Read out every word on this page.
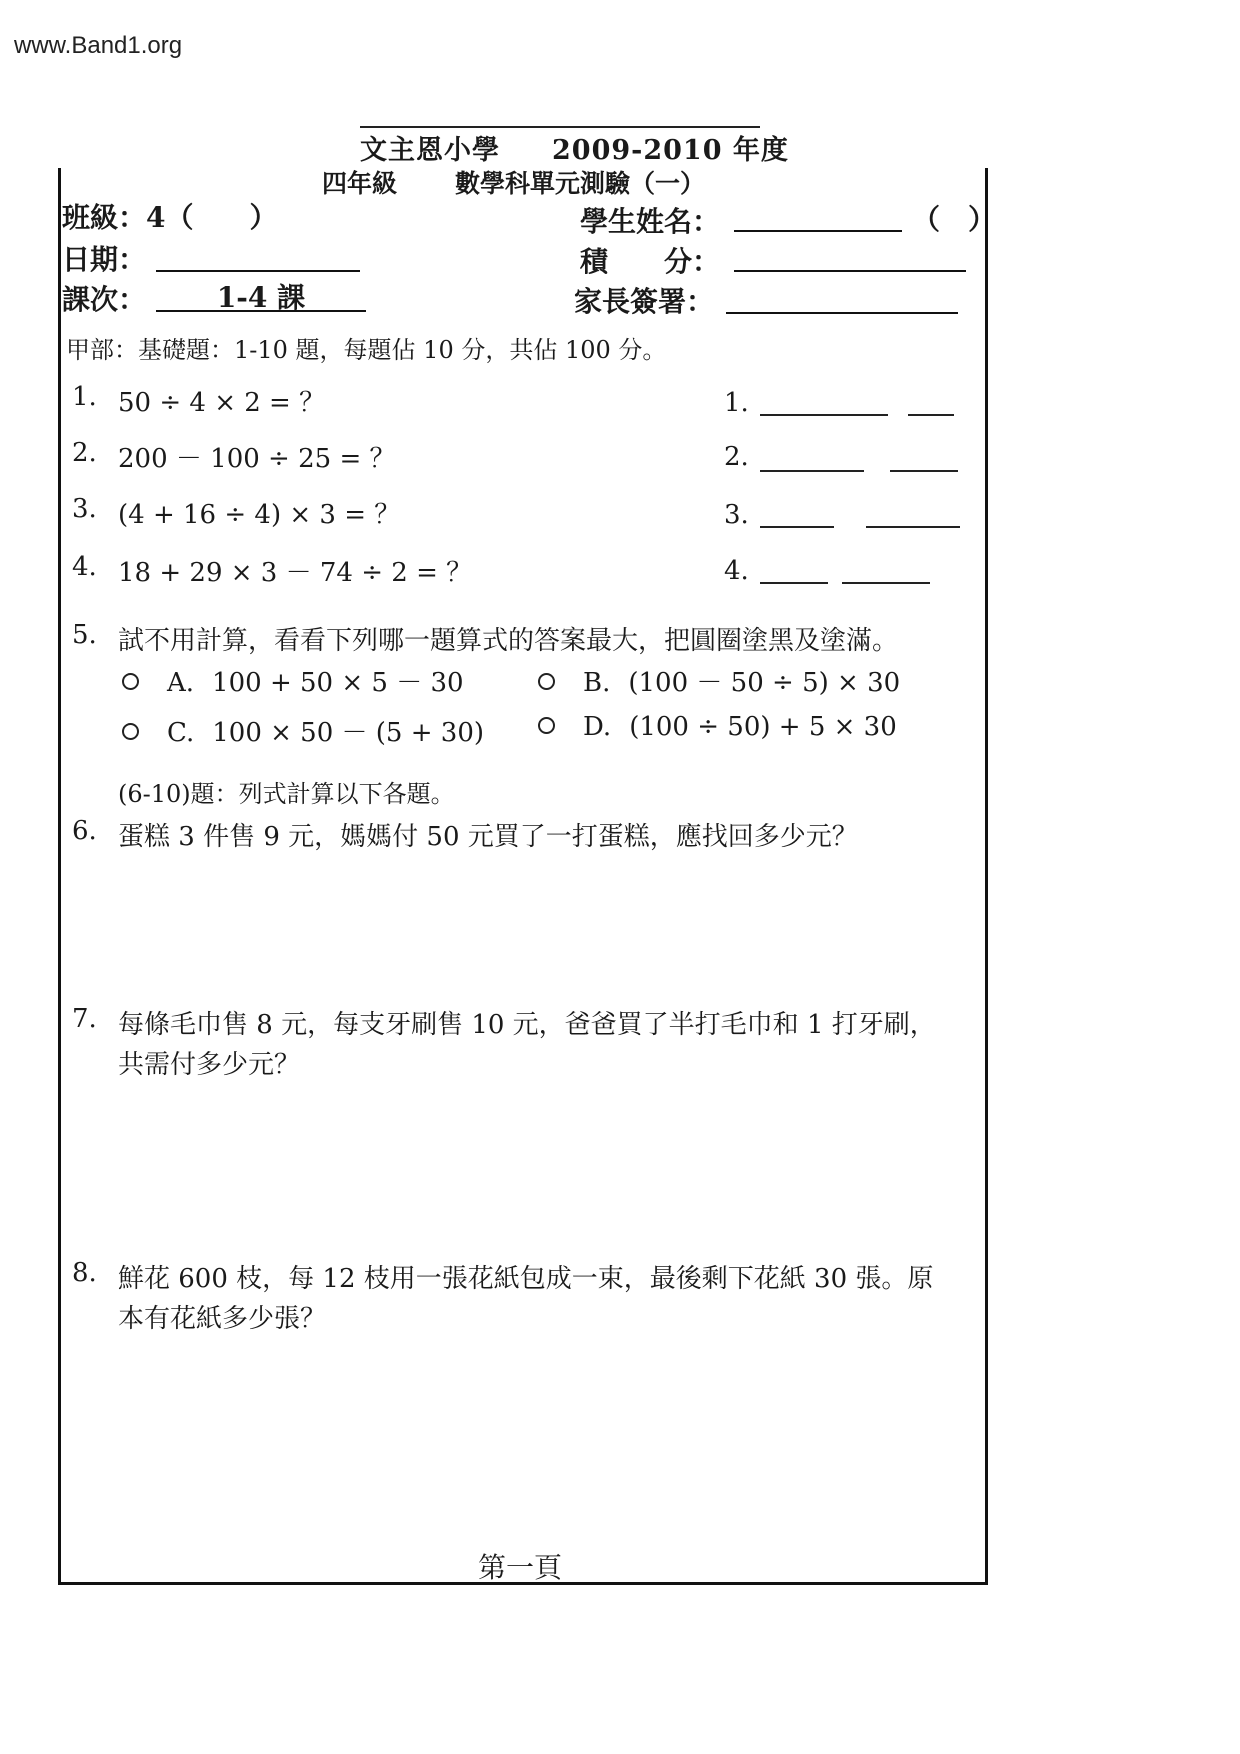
www.Band1.org
文主恩小學 2009-2010 年度
四年級 數學科單元測驗（一）
班級：4（　　）
日期：
課次：	1-4 課
學生姓名：	（　）
積　　分：
家長簽署：
甲部：基礎題：1-10 題，每題佔 10 分，共佔 100 分。
1. 50 ÷ 4 × 2 = ？	1.
2. 200 － 100 ÷ 25 = ？	2.
3. (4 + 16 ÷ 4) × 3 = ？	3.
4. 18 + 29 × 3 － 74 ÷ 2 = ？	4.
5. 試不用計算，看看下列哪一題算式的答案最大，把圓圈塗黑及塗滿。
A. 100 + 50 × 5 － 30	B. (100 － 50 ÷ 5) × 30
C. 100 × 50 － (5 + 30)	D. (100 ÷ 50) + 5 × 30
(6-10)題：列式計算以下各題。
6. 蛋糕 3 件售 9 元，媽媽付 50 元買了一打蛋糕，應找回多少元？
7. 每條毛巾售 8 元，每支牙刷售 10 元，爸爸買了半打毛巾和 1 打牙刷，
共需付多少元？
8. 鮮花 600 枝，每 12 枝用一張花紙包成一束，最後剩下花紙 30 張。原
本有花紙多少張？
第一頁
